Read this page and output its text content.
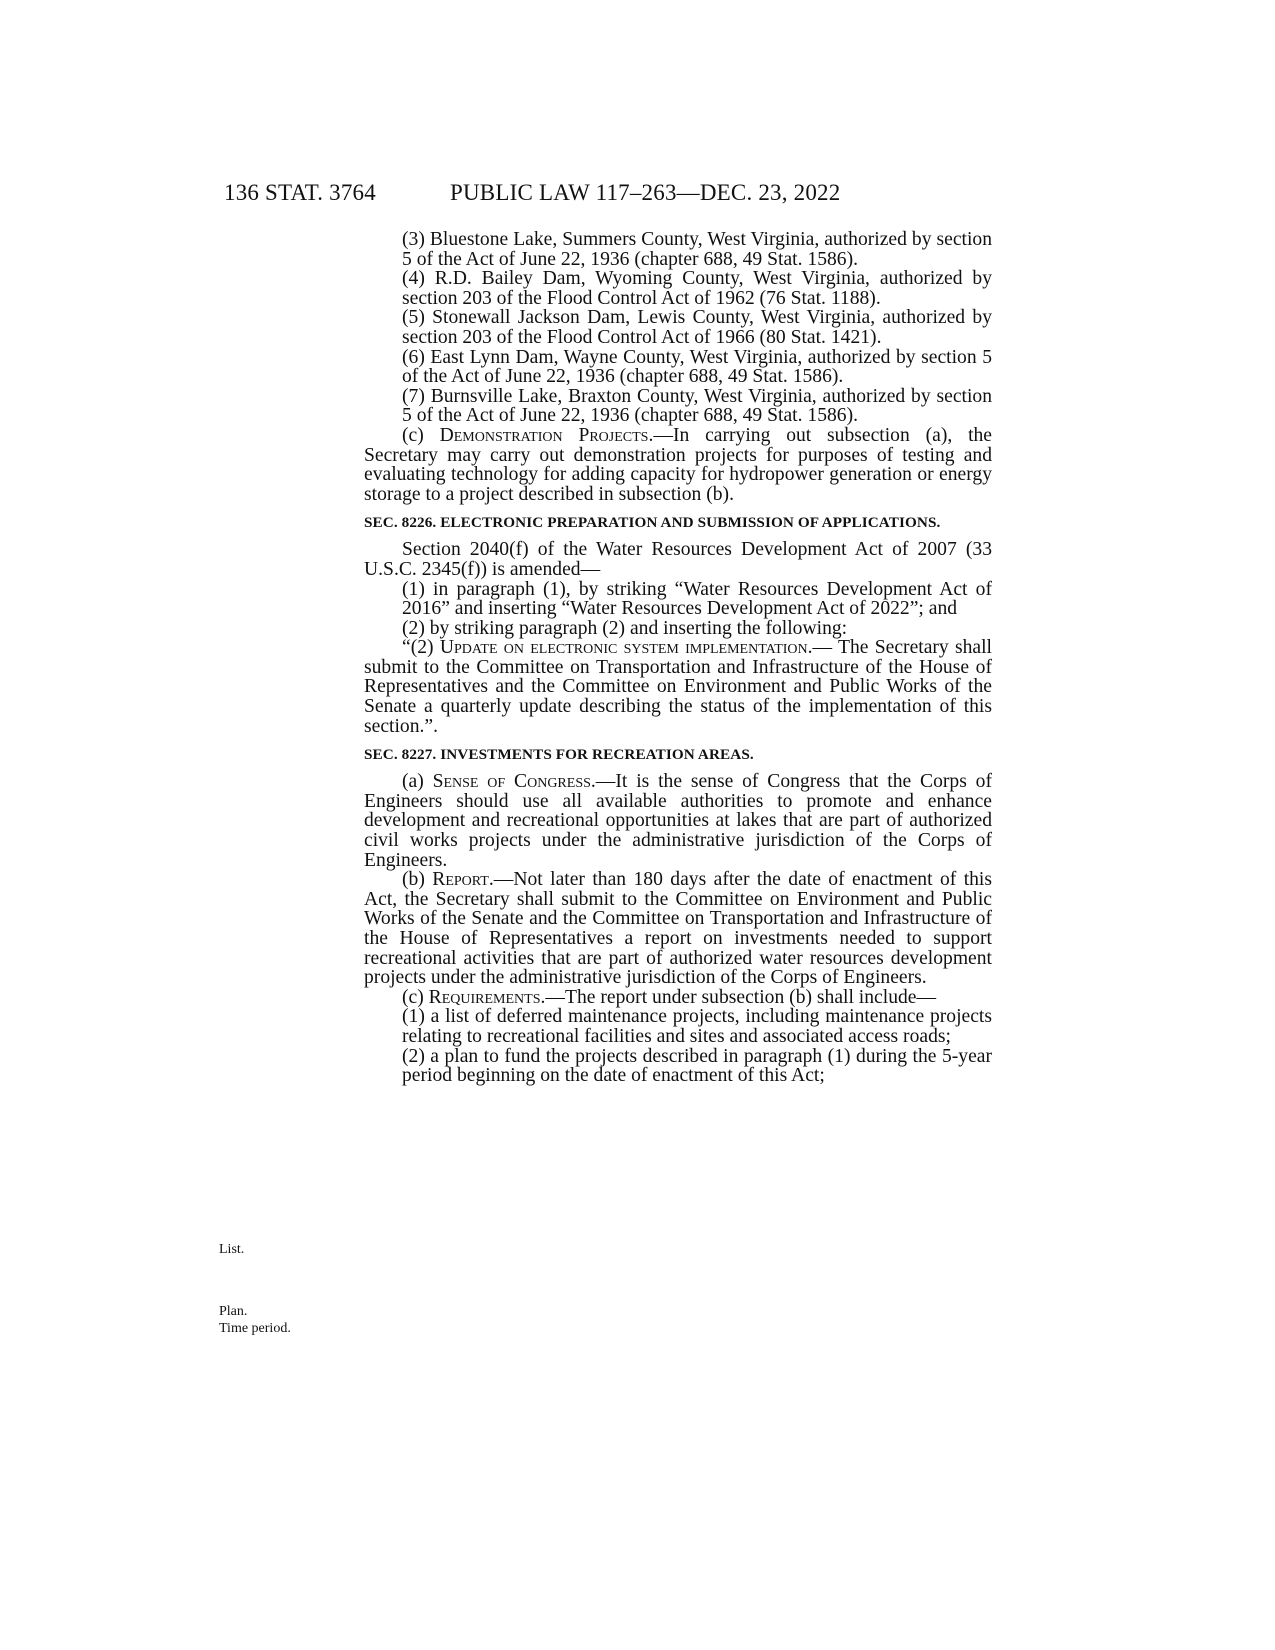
136 STAT. 3764	PUBLIC LAW 117–263—DEC. 23, 2022

(3) Bluestone Lake, Summers County, West Virginia, authorized by section 5 of the Act of June 22, 1936 (chapter 688, 49 Stat. 1586).

(4) R.D. Bailey Dam, Wyoming County, West Virginia, authorized by section 203 of the Flood Control Act of 1962 (76 Stat. 1188).

(5) Stonewall Jackson Dam, Lewis County, West Virginia, authorized by section 203 of the Flood Control Act of 1966 (80 Stat. 1421).

(6) East Lynn Dam, Wayne County, West Virginia, authorized by section 5 of the Act of June 22, 1936 (chapter 688, 49 Stat. 1586).

(7) Burnsville Lake, Braxton County, West Virginia, authorized by section 5 of the Act of June 22, 1936 (chapter 688, 49 Stat. 1586).

(c) Demonstration Projects.—In carrying out subsection (a), the Secretary may carry out demonstration projects for purposes of testing and evaluating technology for adding capacity for hydropower generation or energy storage to a project described in subsection (b).

SEC. 8226. ELECTRONIC PREPARATION AND SUBMISSION OF APPLICATIONS.

Section 2040(f) of the Water Resources Development Act of 2007 (33 U.S.C. 2345(f)) is amended—

(1) in paragraph (1), by striking “Water Resources Development Act of 2016” and inserting “Water Resources Development Act of 2022”; and

(2) by striking paragraph (2) and inserting the following:

“(2) Update on electronic system implementation.— The Secretary shall submit to the Committee on Transportation and Infrastructure of the House of Representatives and the Committee on Environment and Public Works of the Senate a quarterly update describing the status of the implementation of this section.”.

SEC. 8227. INVESTMENTS FOR RECREATION AREAS.

(a) Sense of Congress.—It is the sense of Congress that the Corps of Engineers should use all available authorities to promote and enhance development and recreational opportunities at lakes that are part of authorized civil works projects under the administrative jurisdiction of the Corps of Engineers.

(b) Report.—Not later than 180 days after the date of enactment of this Act, the Secretary shall submit to the Committee on Environment and Public Works of the Senate and the Committee on Transportation and Infrastructure of the House of Representatives a report on investments needed to support recreational activities that are part of authorized water resources development projects under the administrative jurisdiction of the Corps of Engineers.

(c) Requirements.—The report under subsection (b) shall include—

(1) a list of deferred maintenance projects, including maintenance projects relating to recreational facilities and sites and associated access roads;

(2) a plan to fund the projects described in paragraph (1) during the 5-year period beginning on the date of enactment of this Act;

List.
Plan.
Time period.
